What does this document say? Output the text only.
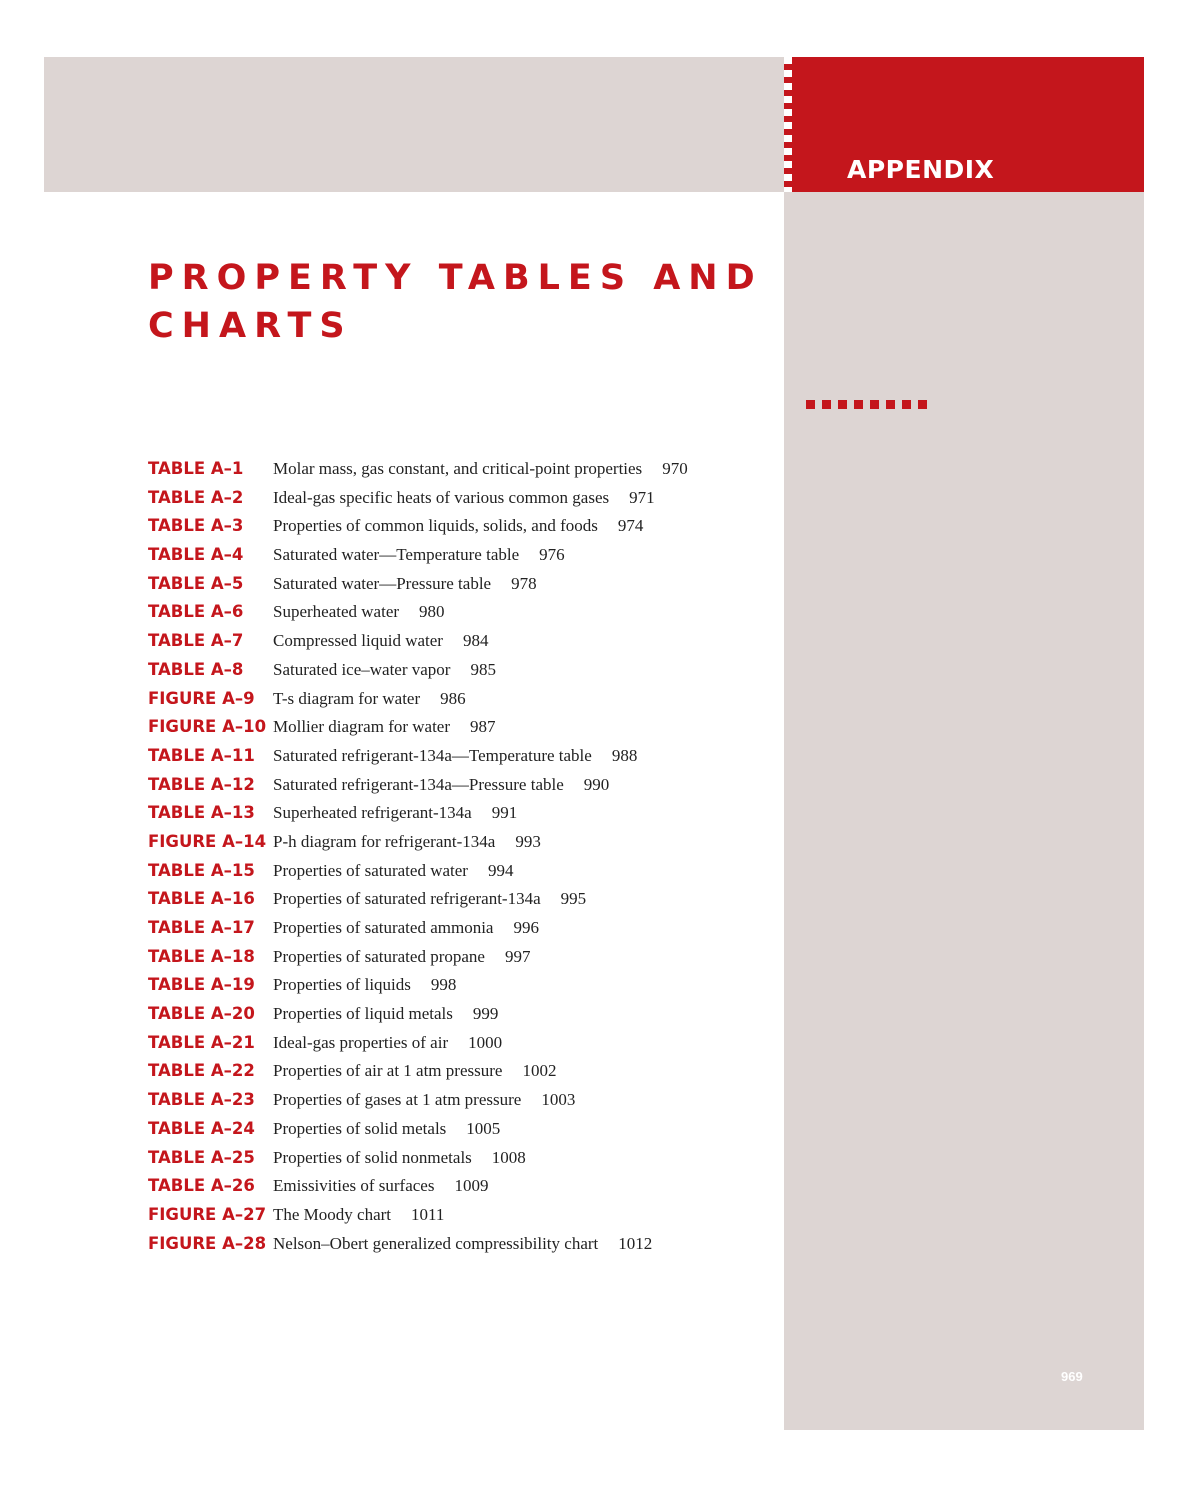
APPENDIX
PROPERTY TABLES AND CHARTS
TABLE A–1	Molar mass, gas constant, and critical-point properties 970
TABLE A–2	Ideal-gas specific heats of various common gases 971
TABLE A–3	Properties of common liquids, solids, and foods 974
TABLE A–4	Saturated water—Temperature table 976
TABLE A–5	Saturated water—Pressure table 978
TABLE A–6	Superheated water 980
TABLE A–7	Compressed liquid water 984
TABLE A–8	Saturated ice–water vapor 985
FIGURE A–9	T-s diagram for water 986
FIGURE A–10 Mollier diagram for water 987
TABLE A–11	Saturated refrigerant-134a—Temperature table 988
TABLE A–12	Saturated refrigerant-134a—Pressure table 990
TABLE A–13	Superheated refrigerant-134a 991
FIGURE A–14 P-h diagram for refrigerant-134a 993
TABLE A–15	Properties of saturated water 994
TABLE A–16	Properties of saturated refrigerant-134a 995
TABLE A–17	Properties of saturated ammonia 996
TABLE A–18	Properties of saturated propane 997
TABLE A–19	Properties of liquids 998
TABLE A–20	Properties of liquid metals 999
TABLE A–21	Ideal-gas properties of air 1000
TABLE A–22	Properties of air at 1 atm pressure 1002
TABLE A–23	Properties of gases at 1 atm pressure 1003
TABLE A–24	Properties of solid metals 1005
TABLE A–25	Properties of solid nonmetals 1008
TABLE A–26	Emissivities of surfaces 1009
FIGURE A–27 The Moody chart 1011
FIGURE A–28 Nelson–Obert generalized compressibility chart 1012
969
